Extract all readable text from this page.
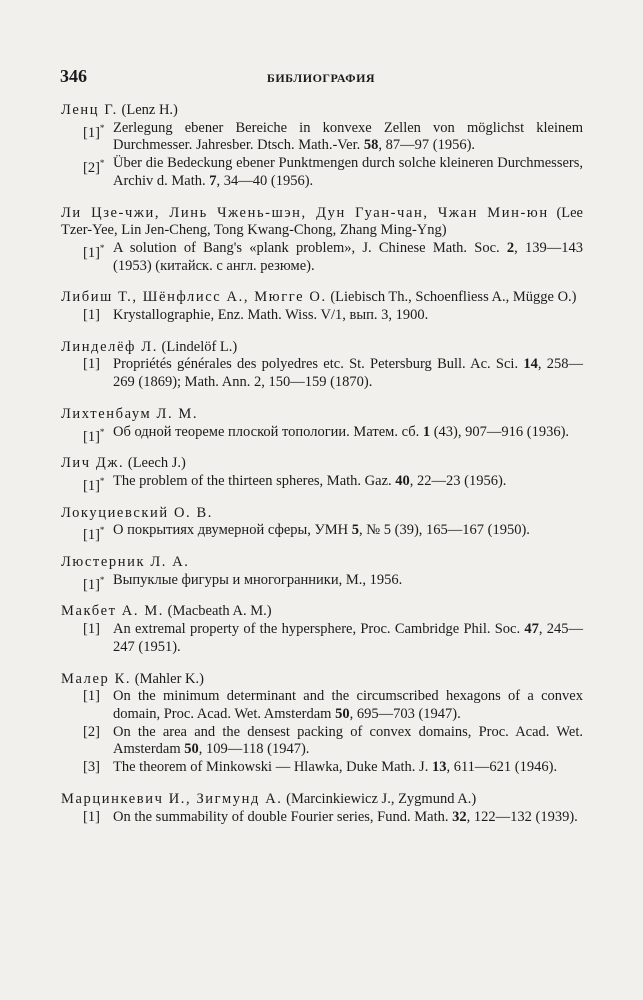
346	БИБЛИОГРАФИЯ
Ленц Г. (Lenz H.)
[1]* Zerlegung ebener Bereiche in konvexe Zellen von möglichst kleinem Durchmesser. Jahresber. Dtsch. Math.-Ver. 58, 87—97 (1956).
[2]* Über die Bedeckung ebener Punktmengen durch solche kleineren Durchmessers, Archiv d. Math. 7, 34—40 (1956).
Ли Цзе-чжи, Линь Чжень-шэн, Дун Гуан-чан, Чжан Мин-юн (Lee Tzer-Yee, Lin Jen-Cheng, Tong Kwang-Chong, Zhang Ming-Yng)
[1]* A solution of Bang's «plank problem», J. Chinese Math. Soc. 2, 139—143 (1953) (китайск. с англ. резюме).
Либиш Т., Шёнфлисс А., Мюгге О. (Liebisch Th., Schoenfliess A., Mügge O.)
[1] Krystallographie, Enz. Math. Wiss. V/1, вып. 3, 1900.
Линделёф Л. (Lindelöf L.)
[1] Propriétés générales des polyedres etc. St. Petersburg Bull. Ac. Sci. 14, 258—269 (1869); Math. Ann. 2, 150—159 (1870).
Лихтенбаум Л. М.
[1]* Об одной теореме плоской топологии. Матем. сб. 1 (43), 907—916 (1936).
Лич Дж. (Leech J.)
[1]* The problem of the thirteen spheres, Math. Gaz. 40, 22—23 (1956).
Локуциевский О. В.
[1]* О покрытиях двумерной сферы, УМН 5, № 5 (39), 165—167 (1950).
Люстерник Л. А.
[1]* Выпуклые фигуры и многогранники, М., 1956.
Макбет А. М. (Macbeath A. M.)
[1] An extremal property of the hypersphere, Proc. Cambridge Phil. Soc. 47, 245—247 (1951).
Малер К. (Mahler K.)
[1] On the minimum determinant and the circumscribed hexagons of a convex domain, Proc. Acad. Wet. Amsterdam 50, 695—703 (1947).
[2] On the area and the densest packing of convex domains, Proc. Acad. Wet. Amsterdam 50, 109—118 (1947).
[3] The theorem of Minkowski — Hlawka, Duke Math. J. 13, 611—621 (1946).
Марцинкевич И., Зигмунд А. (Marcinkiewicz J., Zygmund A.)
[1] On the summability of double Fourier series, Fund. Math. 32, 122—132 (1939).
